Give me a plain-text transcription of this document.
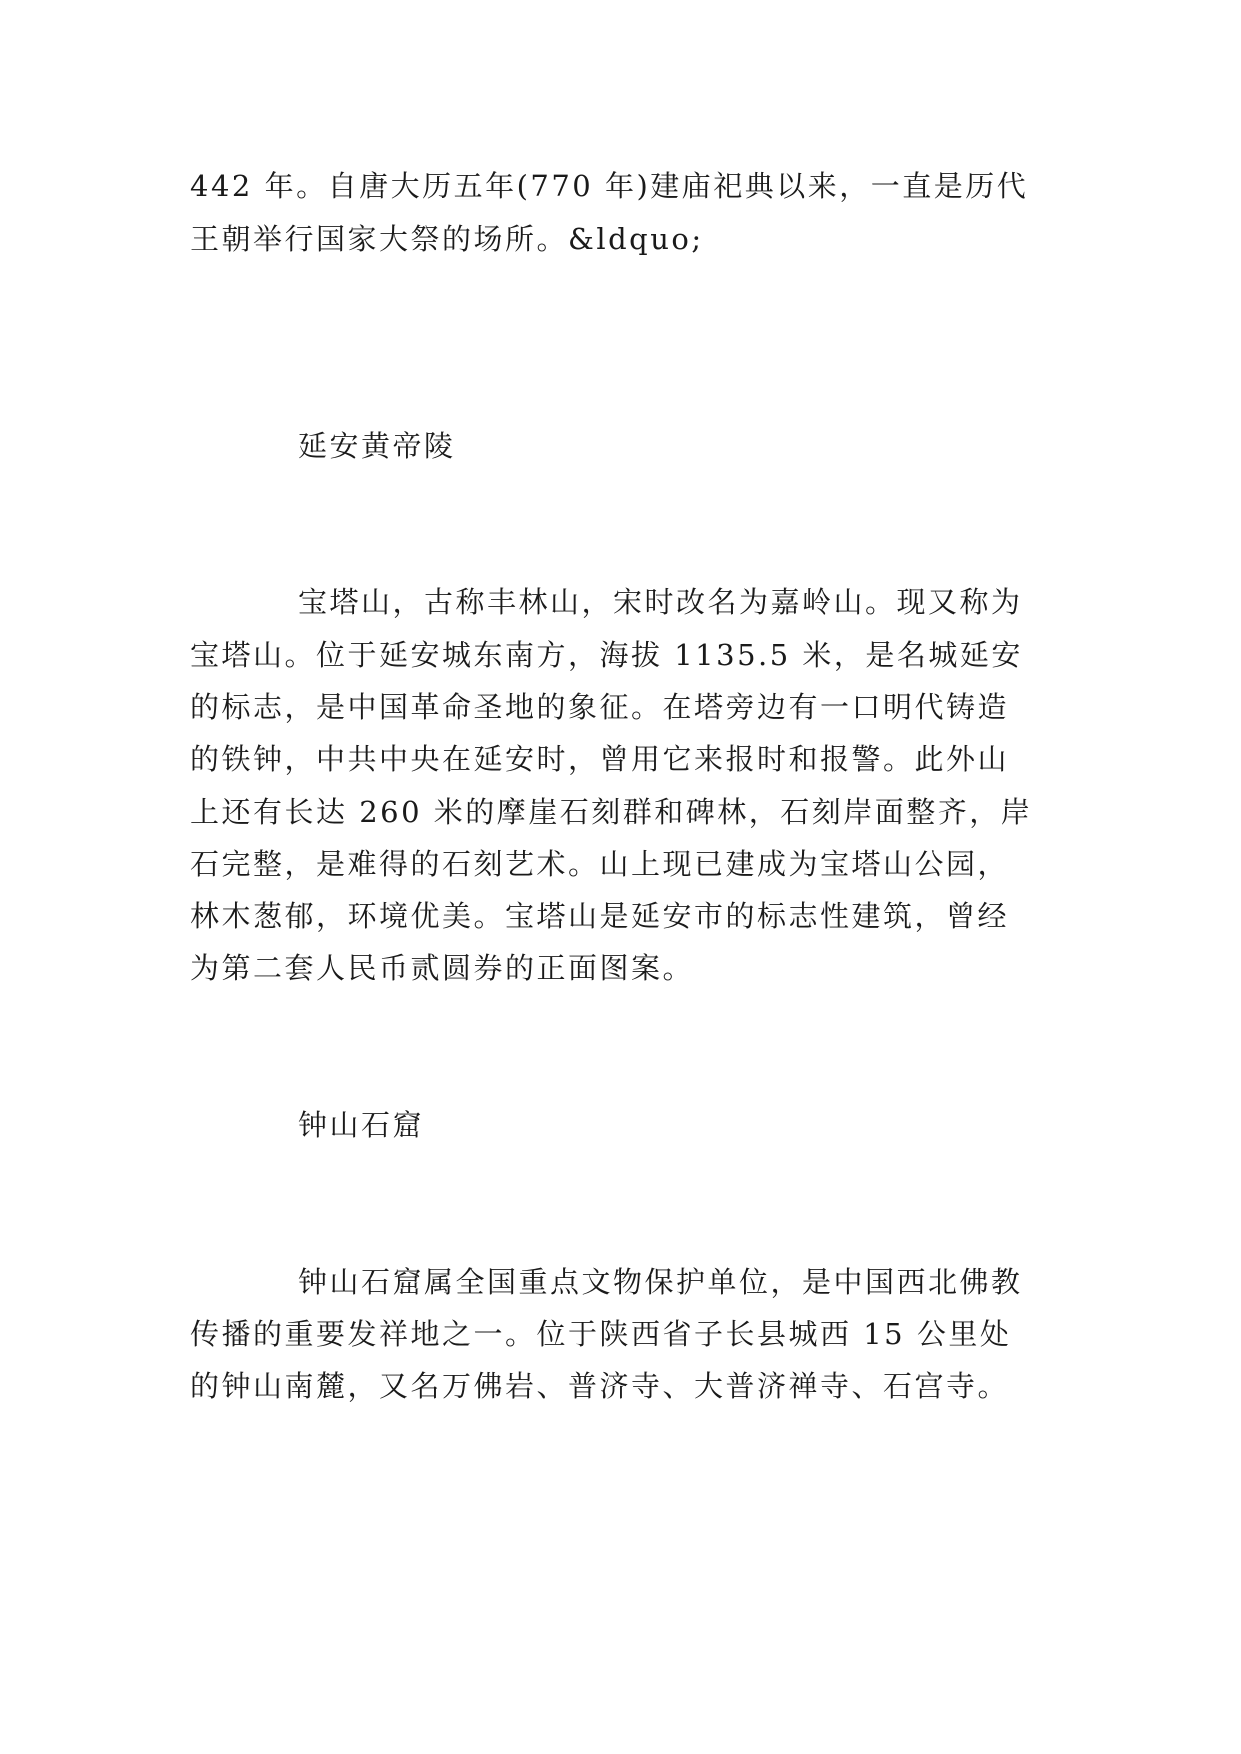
442 年。自唐大历五年(770 年)建庙祀典以来，一直是历代
王朝举行国家大祭的场所。&ldquo;
延安黄帝陵
宝塔山，古称丰林山，宋时改名为嘉岭山。现又称为
宝塔山。位于延安城东南方，海拔 1135.5 米，是名城延安
的标志，是中国革命圣地的象征。在塔旁边有一口明代铸造
的铁钟，中共中央在延安时，曾用它来报时和报警。此外山
上还有长达 260 米的摩崖石刻群和碑林，石刻岸面整齐，岸
石完整，是难得的石刻艺术。山上现已建成为宝塔山公园，
林木葱郁，环境优美。宝塔山是延安市的标志性建筑，曾经
为第二套人民币贰圆券的正面图案。
钟山石窟
钟山石窟属全国重点文物保护单位，是中国西北佛教
传播的重要发祥地之一。位于陕西省子长县城西 15 公里处
的钟山南麓，又名万佛岩、普济寺、大普济禅寺、石宫寺。
